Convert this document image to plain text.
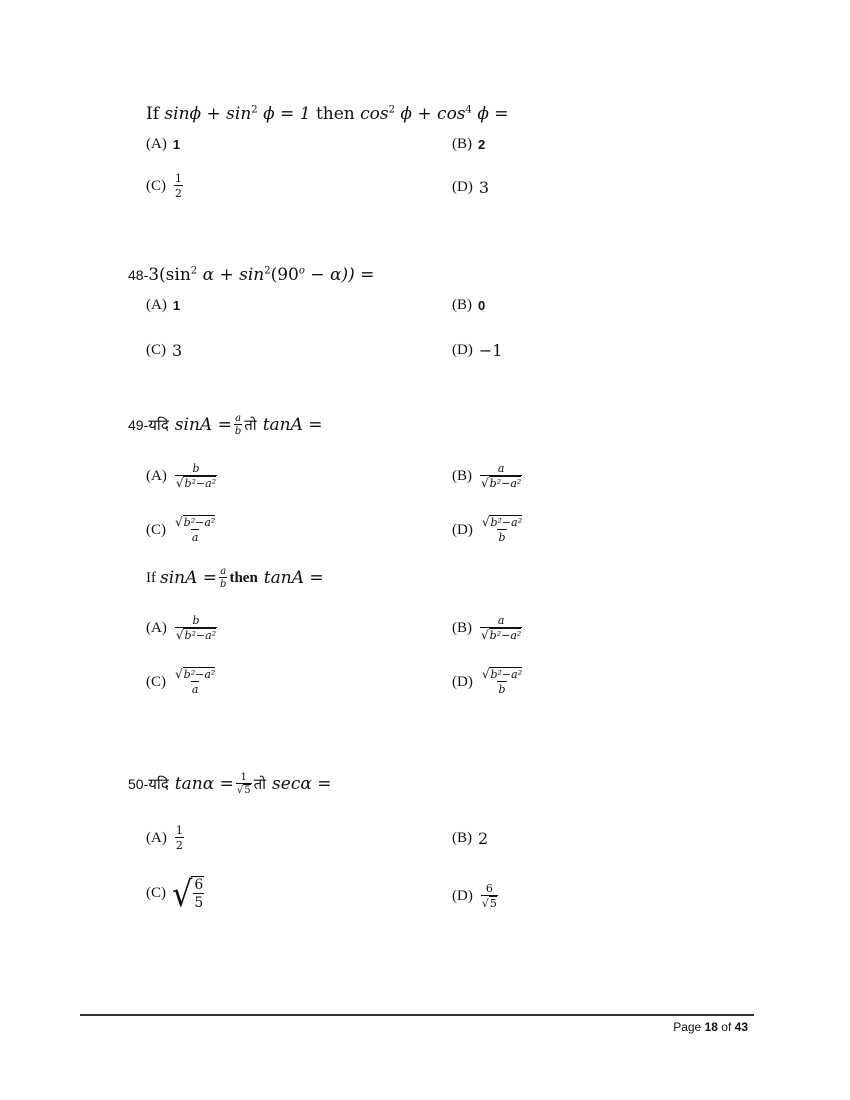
If $\sin\phi + \sin^2 \phi = 1$ then $\cos^2 \phi + \cos^4 \phi$ =
(A) 1	(B) 2
$(C) \frac{1}{2}$	(D) 3
$48-3(\sin^2$ $\alpha + \sin^2(90^o - \alpha)$) =
(A) 1	(B) 0
(C) 3	(D) −1
49- यदि $\sin A = \frac{a}{b}$ तो tanA =
$(A) \frac{b}{\text{√b²−a²}}$	$(B) \frac{a}{\text{√b²−a²}}$
$(C) \frac{\text{√b²−a²}}{a}$	$(D) \frac{\text{√b²−a²}}{b}$
If $\sin A = \frac{a}{b}$ then tanA =
$(A) \frac{b}{\text{√b²−a²}}$	$(B) \frac{a}{\text{√b²−a²}}$
$(C) \frac{\text{√b²−a²}}{a}$	$(D) \frac{\text{√b²−a²}}{b}$
50- यदि $\tan\alpha = \frac{1}{√5}$ तो secα =
$(A) \frac{1}{2}$	(B) 2
(C) √ $\frac{6}{5}$	$(D) \frac{6}{√5}$
Page 18 of 43
